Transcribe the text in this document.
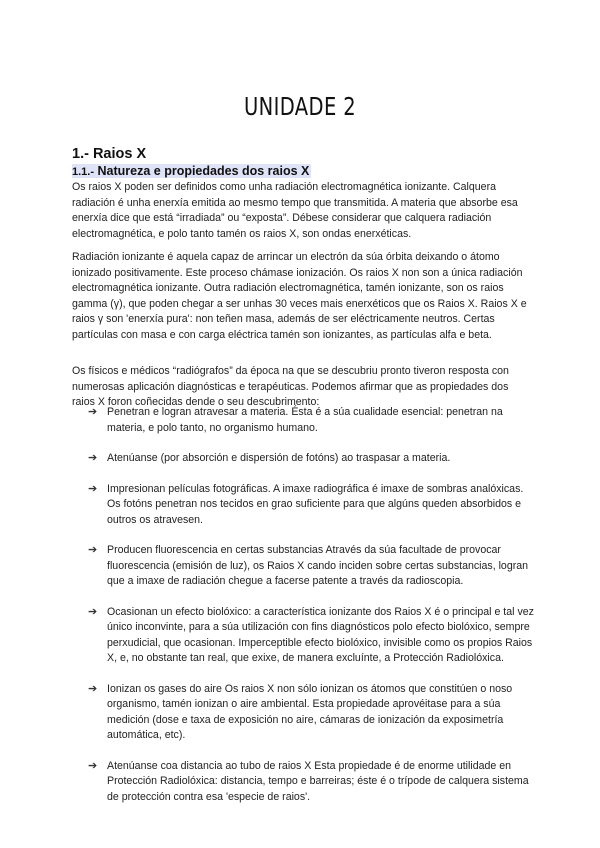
UNIDADE 2
1.- Raios X
1.1.- Natureza e propiedades dos raios X
Os raios X poden ser definidos como unha radiación electromagnética ionizante. Calquera radiación é unha enerxía emitida ao mesmo tempo que transmitida. A materia que absorbe esa enerxía dice que está “irradiada” ou “exposta”. Débese considerar que calquera radiación electromagnética, e polo tanto tamén os raios X, son ondas enerxéticas.
Radiación ionizante é aquela capaz de arrincar un electrón da súa órbita deixando o átomo ionizado positivamente. Este proceso chámase ionización. Os raios X non son a única radiación electromagnética ionizante. Outra radiación electromagnética, tamén ionizante, son os raios gamma (γ), que poden chegar a ser unhas 30 veces mais enerxéticos que os Raios X. Raios X e raios γ son 'enerxía pura': non teñen masa, además de ser eléctricamente neutros. Certas partículas con masa e con carga eléctrica tamén son ionizantes, as partículas alfa e beta.
Os físicos e médicos “radiógrafos” da época na que se descubriu pronto tiveron resposta con numerosas aplicación diagnósticas e terapéuticas. Podemos afirmar que as propiedades dos raios X foron coñecidas dende o seu descubrimento:
➔ Penetran e logran atravesar a materia. Ésta é a súa cualidade esencial: penetran na materia, e polo tanto, no organismo humano.
➔ Atenúanse (por absorción e dispersión de fotóns) ao traspasar a materia.
➔ Impresionan películas fotográficas. A imaxe radiográfica é imaxe de sombras analóxicas. Os fotóns penetran nos tecidos en grao suficiente para que algúns queden absorbidos e outros os atravesen.
➔ Producen fluorescencia en certas substancias Através da súa facultade de provocar fluorescencia (emisión de luz), os Raios X cando inciden sobre certas substancias, logran que a imaxe de radiación chegue a facerse patente a través da radioscopia.
➔ Ocasionan un efecto biolóxico: a característica ionizante dos Raios X é o principal e tal vez único inconvinte, para a súa utilización con fins diagnósticos polo efecto biolóxico, sempre perxudicial, que ocasionan. Imperceptible efecto biolóxico, invisible como os propios Raios X, e, no obstante tan real, que exixe, de manera excluínte, a Protección Radiolóxica.
➔ Ionizan os gases do aire Os raios X non sólo ionizan os átomos que constitúen o noso organismo, tamén ionizan o aire ambiental. Esta propiedade aprovéitase para a súa medición (dose e taxa de exposición no aire, cámaras de ionización da exposimetría automática, etc).
➔ Atenúanse coa distancia ao tubo de raios X Esta propiedade é de enorme utilidade en Protección Radiolóxica: distancia, tempo e barreiras; éste é o trípode de calquera sistema de protección contra esa 'especie de raios'.
